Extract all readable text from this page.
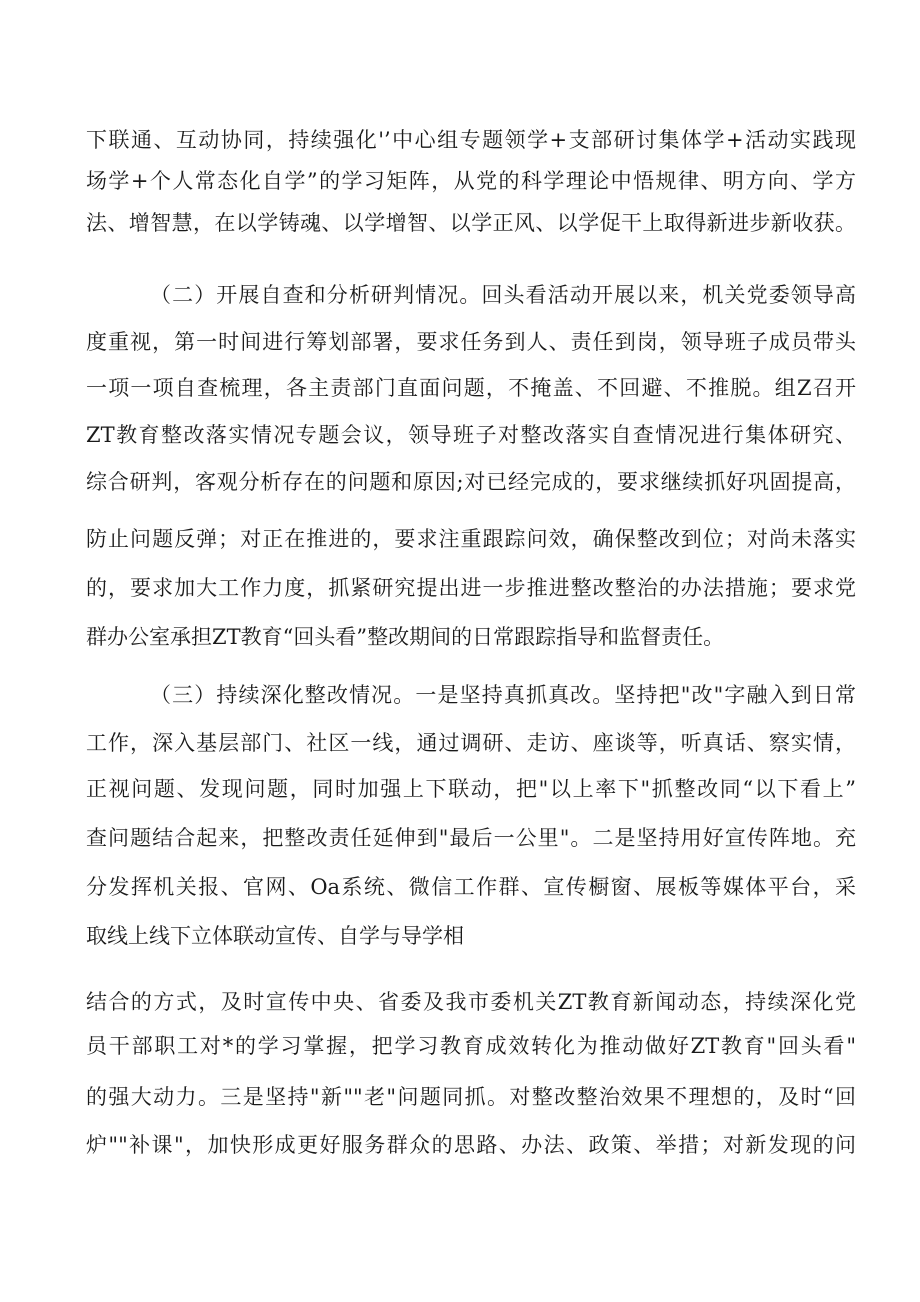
下联通、互动协同，持续强化'’中心组专题领学+支部研讨集体学+活动实践现

场学+个人常态化自学”的学习矩阵，从党的科学理论中悟规律、明方向、学方

法、增智慧，在以学铸魂、以学增智、以学正风、以学促干上取得新进步新收获。

（二）开展自查和分析研判情况。回头看活动开展以来，机关党委领导高

度重视，第一时间进行筹划部署，要求任务到人、责任到岗，领导班子成员带头

一项一项自查梳理，各主责部门直面问题，不掩盖、不回避、不推脱。组Z召开

ZT教育整改落实情况专题会议，领导班子对整改落实自查情况进行集体研究、

综合研判，客观分析存在的问题和原因;对已经完成的，要求继续抓好巩固提高，

防止问题反弹；对正在推进的，要求注重跟踪问效，确保整改到位；对尚未落实

的，要求加大工作力度，抓紧研究提出进一步推进整改整治的办法措施；要求党

群办公室承担ZT教育“回头看”整改期间的日常跟踪指导和监督责任。

（三）持续深化整改情况。一是坚持真抓真改。坚持把"改"字融入到日常

工作，深入基层部门、社区一线，通过调研、走访、座谈等，听真话、察实情，

正视问题、发现问题，同时加强上下联动，把"以上率下"抓整改同“以下看上”

查问题结合起来，把整改责任延伸到"最后一公里"。二是坚持用好宣传阵地。充

分发挥机关报、官网、Oa系统、微信工作群、宣传橱窗、展板等媒体平台，采

取线上线下立体联动宣传、自学与导学相

结合的方式，及时宣传中央、省委及我市委机关ZT教育新闻动态，持续深化党

员干部职工对*的学习掌握，把学习教育成效转化为推动做好ZT教育"回头看"

的强大动力。三是坚持"新""老"问题同抓。对整改整治效果不理想的，及时“回

炉""补课"，加快形成更好服务群众的思路、办法、政策、举措；对新发现的问
